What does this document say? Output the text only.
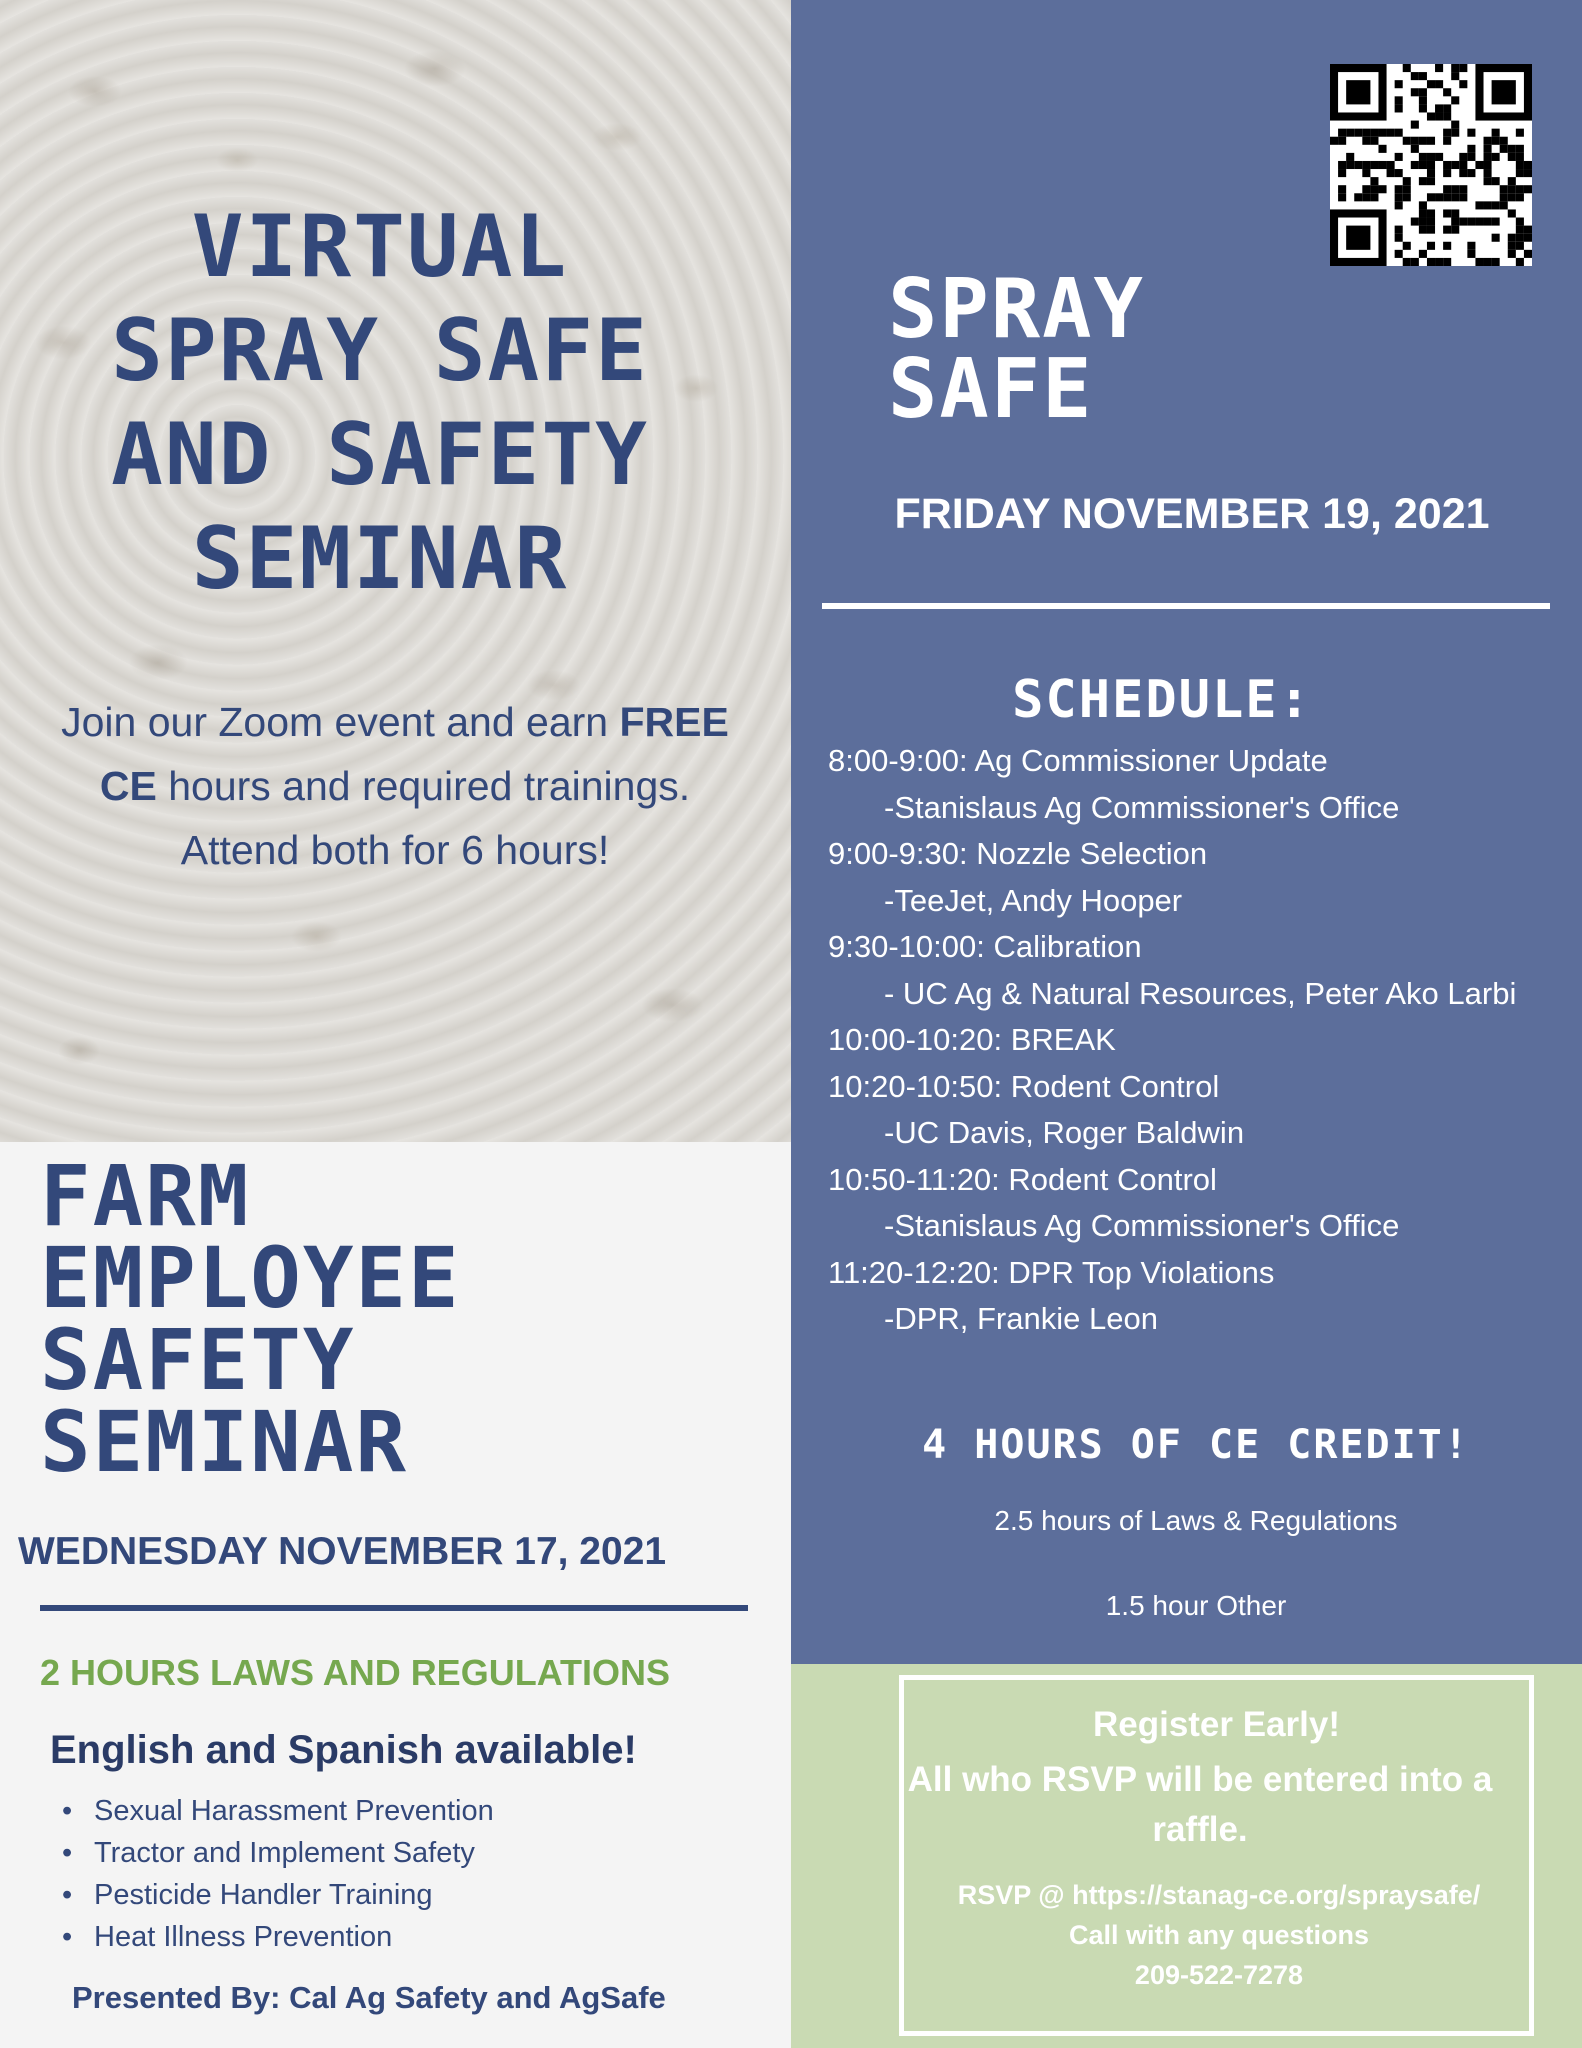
VIRTUAL
SPRAY SAFE
AND SAFETY
SEMINAR
Join our Zoom event and earn FREE CE hours and required trainings. Attend both for 6 hours!
FARM
EMPLOYEE
SAFETY
SEMINAR
WEDNESDAY NOVEMBER 17, 2021
2 HOURS LAWS AND REGULATIONS
English and Spanish available!
• Sexual Harassment Prevention
• Tractor and Implement Safety
• Pesticide Handler Training
• Heat Illness Prevention
Presented By: Cal Ag Safety and AgSafe
SPRAY
SAFE
FRIDAY NOVEMBER 19, 2021
SCHEDULE:
8:00-9:00: Ag Commissioner Update
-Stanislaus Ag Commissioner's Office
9:00-9:30: Nozzle Selection
-TeeJet, Andy Hooper
9:30-10:00: Calibration
- UC Ag & Natural Resources, Peter Ako Larbi
10:00-10:20: BREAK
10:20-10:50: Rodent Control
-UC Davis, Roger Baldwin
10:50-11:20: Rodent Control
-Stanislaus Ag Commissioner's Office
11:20-12:20: DPR Top Violations
-DPR, Frankie Leon
4 HOURS OF CE CREDIT!
2.5 hours of Laws & Regulations
1.5 hour Other
Register Early!
All who RSVP will be entered into a raffle.
RSVP @ https://stanag-ce.org/spraysafe/
Call with any questions
209-522-7278
